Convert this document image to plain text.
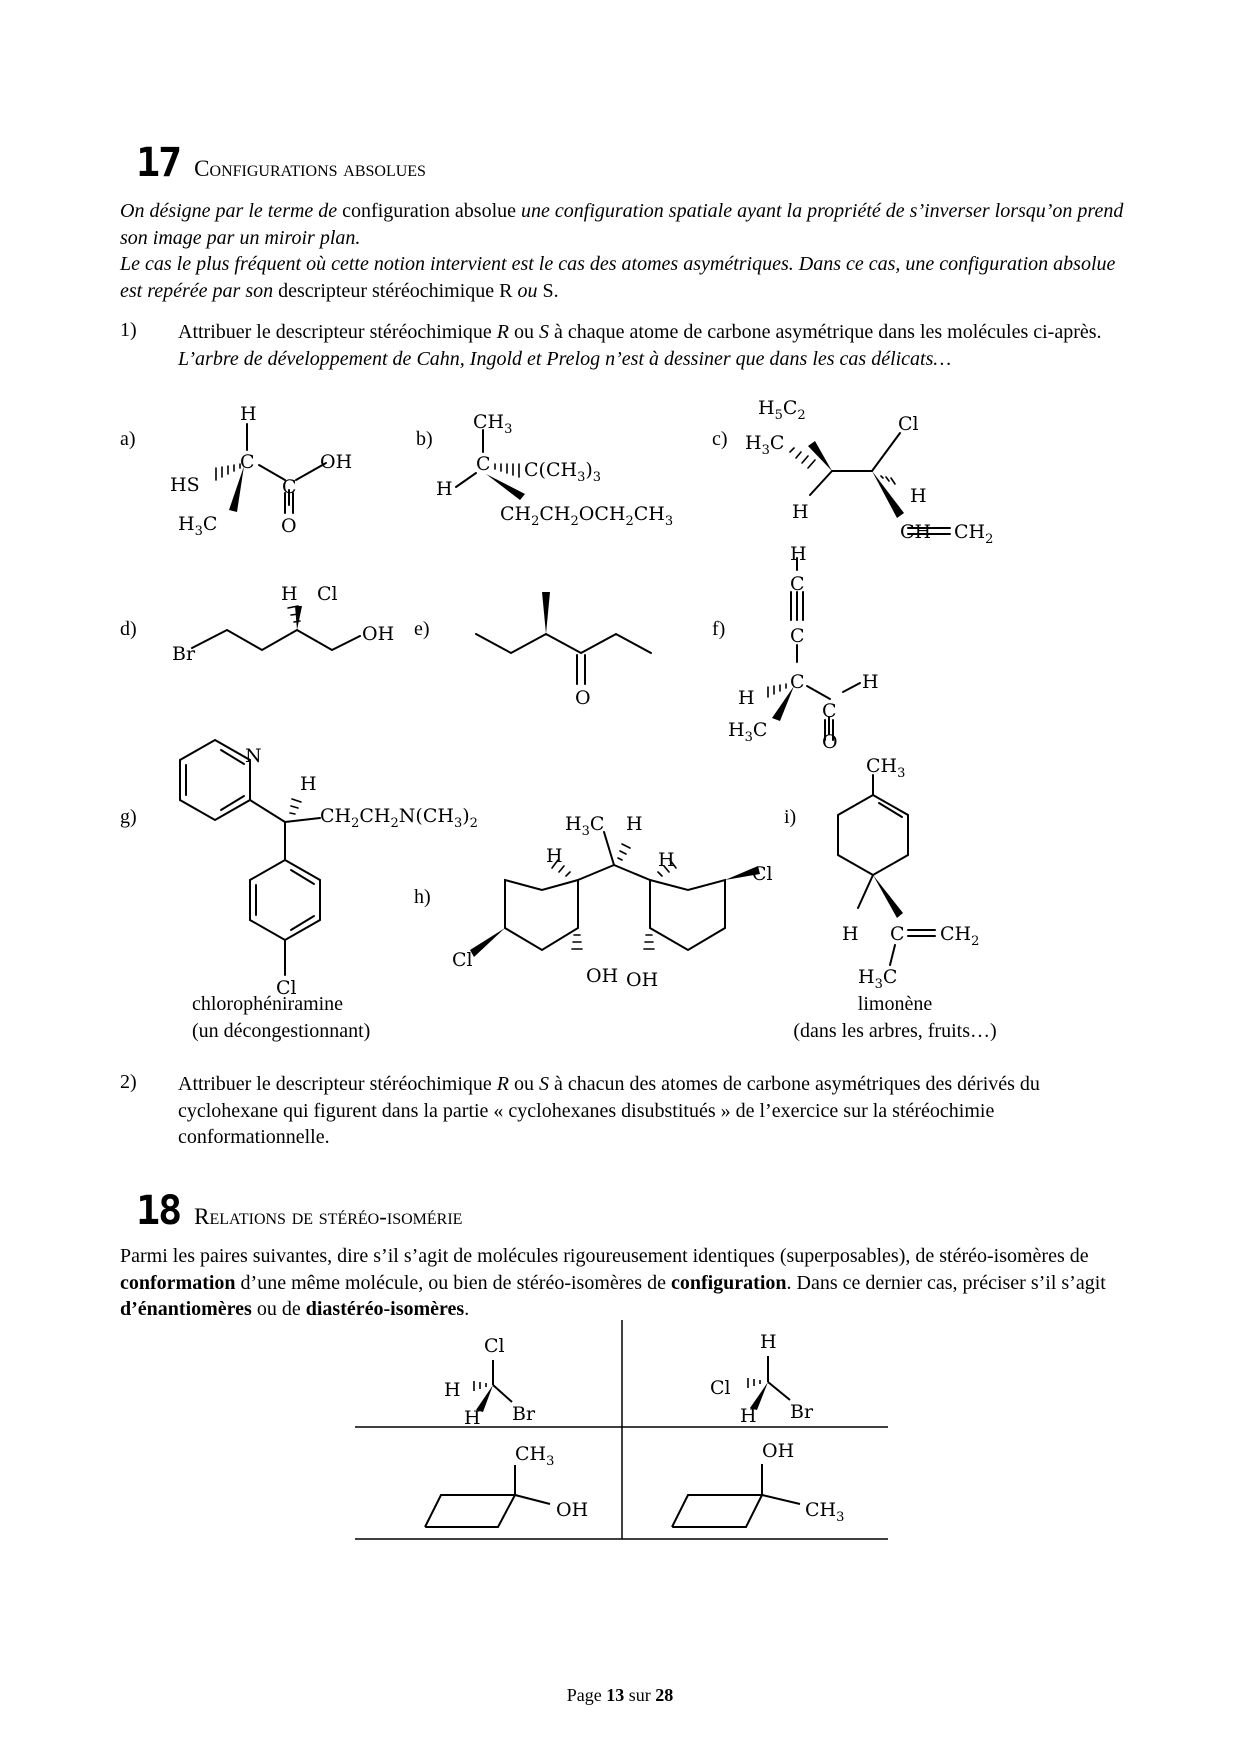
17 Configurations absolues
On désigne par le terme de configuration absolue une configuration spatiale ayant la propriété de s’inverser lorsqu’on prend son image par un miroir plan.
Le cas le plus fréquent où cette notion intervient est le cas des atomes asymétriques. Dans ce cas, une configuration absolue est repérée par son descripteur stéréochimique R ou S.
1) Attribuer le descripteur stéréochimique R ou S à chaque atome de carbone asymétrique dans les molécules ci-après.
L’arbre de développement de Cahn, Ingold et Prelog n’est à dessiner que dans les cas délicats…
a)	b)	c)
d)	e)	f)
g)
h)
i)
H
C
C
OH
HS
O
$H_3C$
$CH_3$
C
H
$C(CH_3)_3$
$CH_2CH_2OCH_2CH_3$
$H_5C_2$
$H_3C$
Cl
H
H
CH $CH_2$
H Cl
OH
Br
O
H
C
C
C	H
H
C
$H_3C$
O
N
H
$CH_2CH_2N(CH_3)_2$
Cl
$H_3C$ H
H	H
Cl
Cl
OH OH
$CH_3$
H C $CH_2$
$H_3C$
chlorophéniramine
(un décongestionnant)
limonène
(dans les arbres, fruits…)
2) Attribuer le descripteur stéréochimique R ou S à chacun des atomes de carbone asymétriques des dérivés du cyclohexane qui figurent dans la partie « cyclohexanes disubstitués » de l’exercice sur la stéréochimie conformationnelle.
18 Relations de stéréo-isomérie
Parmi les paires suivantes, dire s’il s’agit de molécules rigoureusement identiques (superposables), de stéréo-isomères de conformation d’une même molécule, ou bien de stéréo-isomères de configuration. Dans ce dernier cas, préciser s’il s’agit d’énantiomères ou de diastéréo-isomères.
Cl
H
H Br
H
Cl
H Br
$CH_3$
OH
OH
$CH_3$
Page 13 sur 28
